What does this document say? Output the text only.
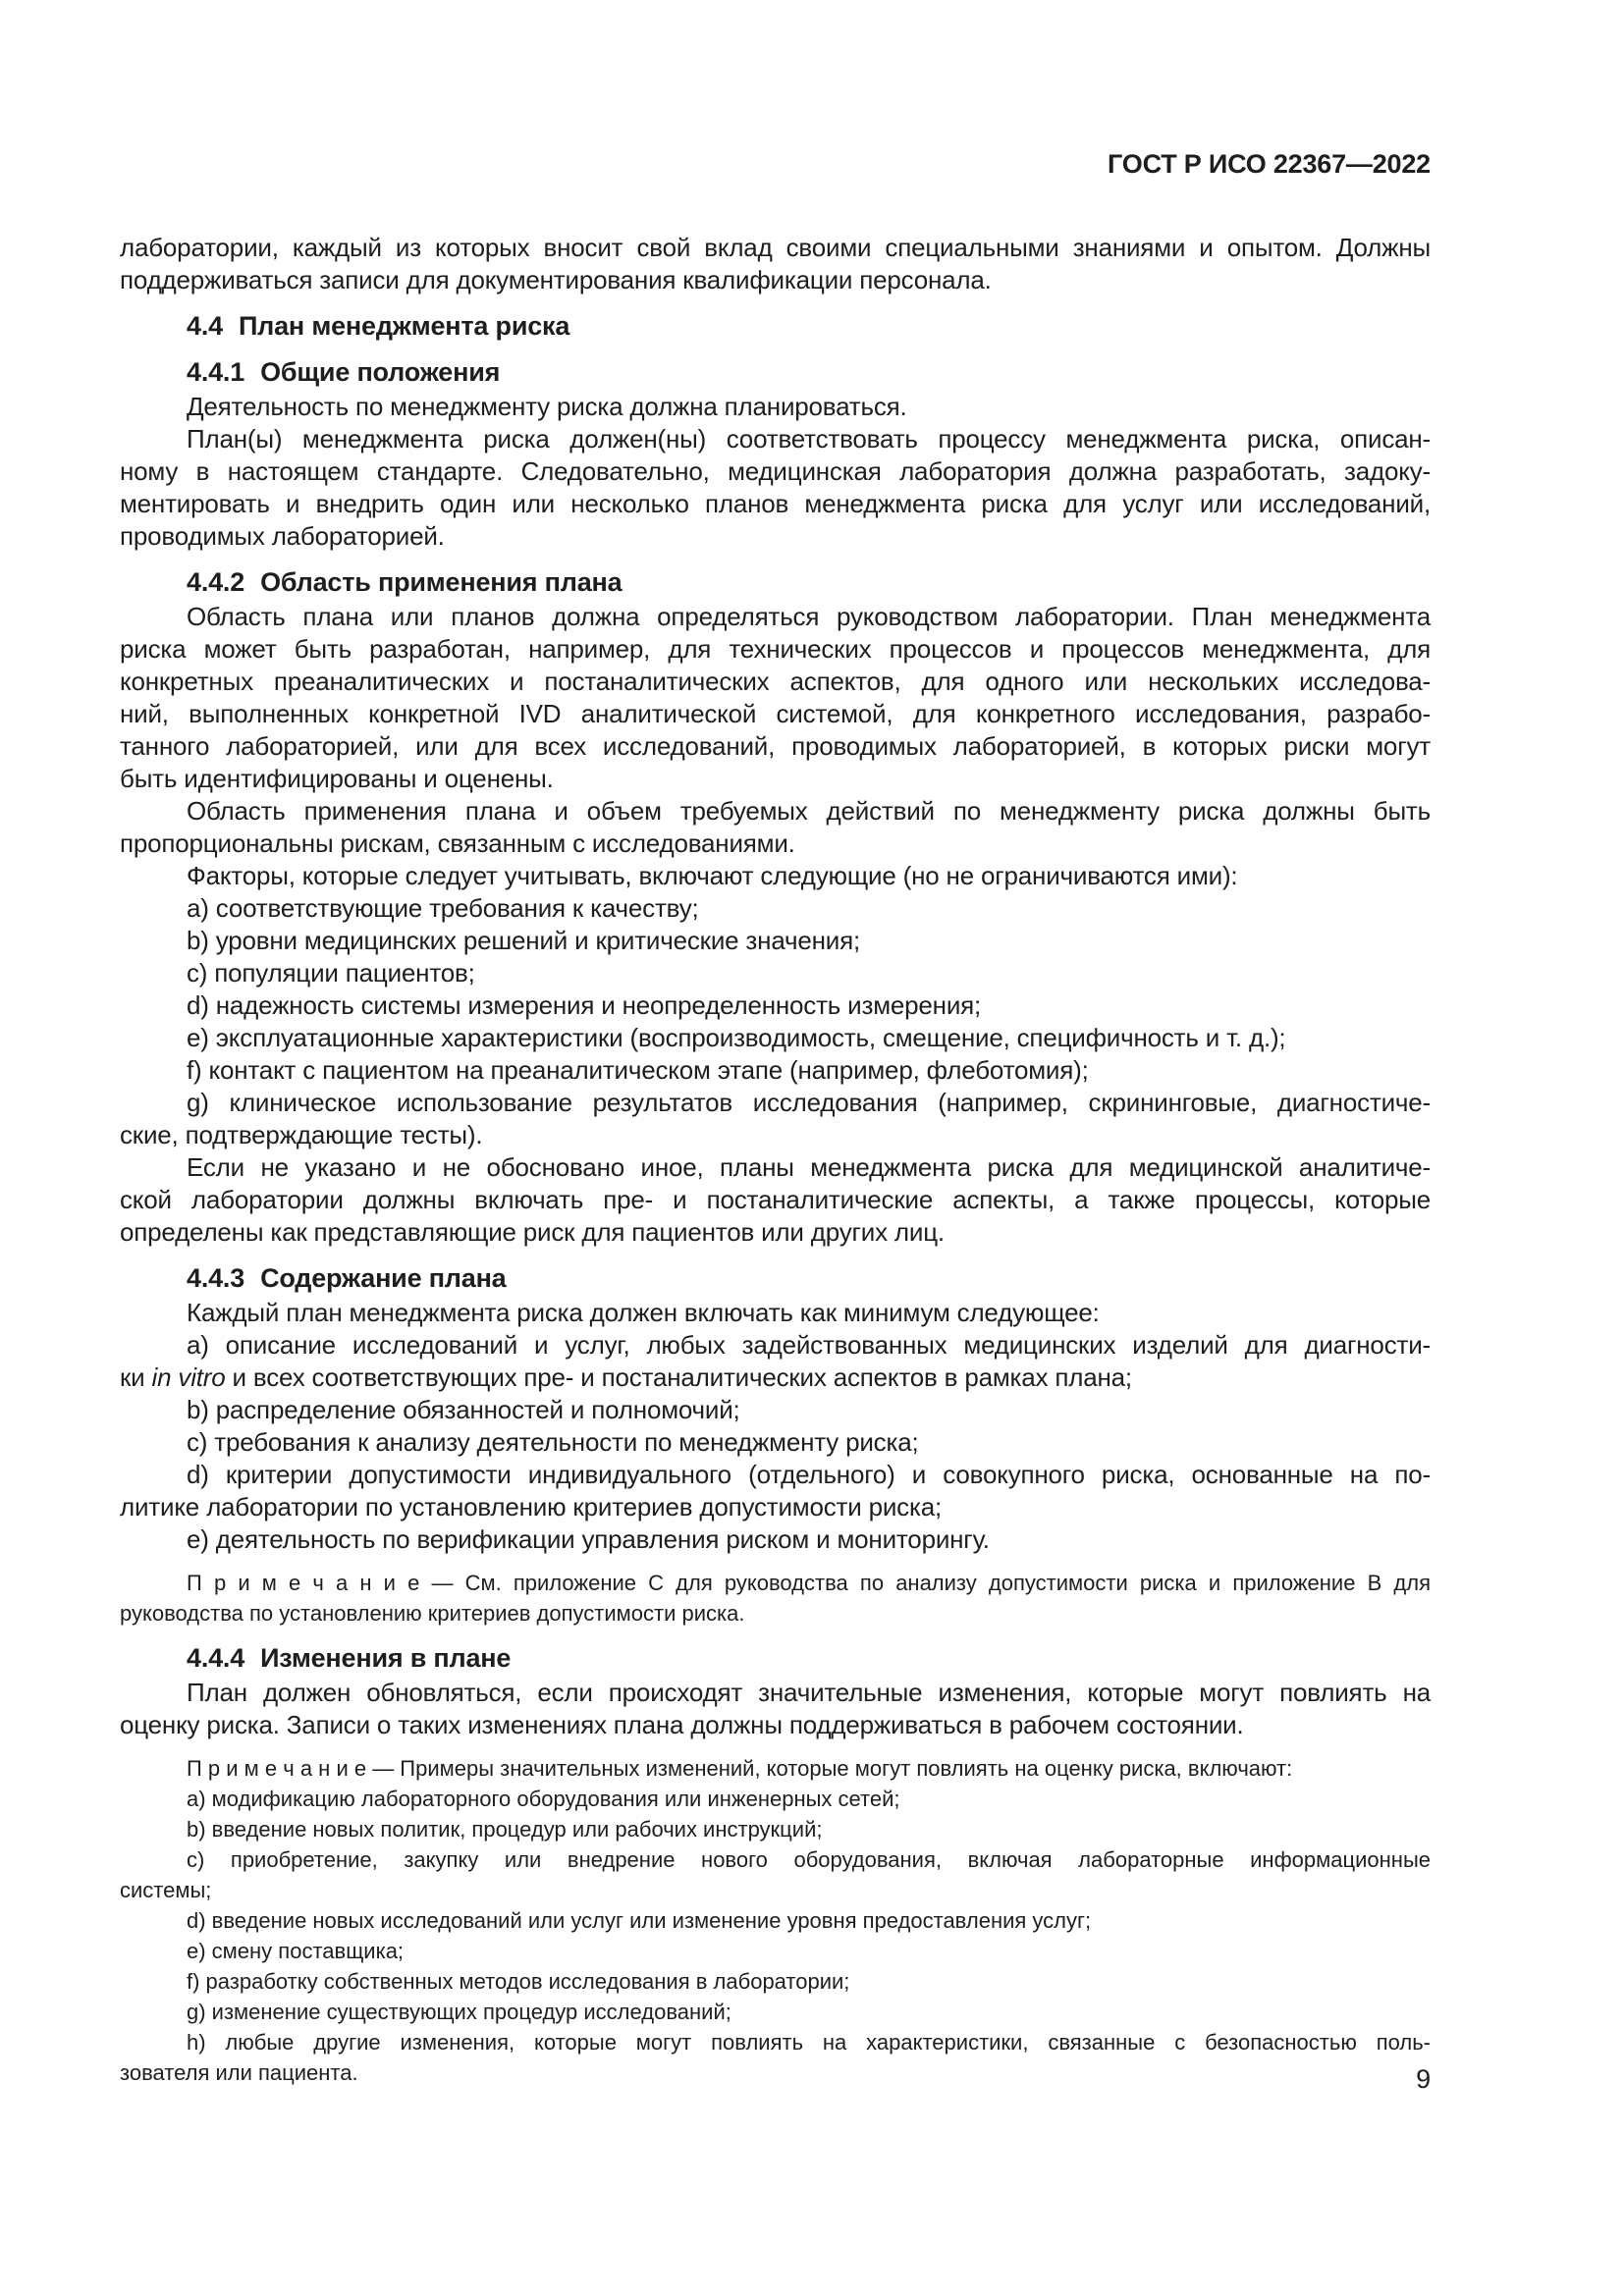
ГОСТ Р ИСО 22367—2022

лаборатории, каждый из которых вносит свой вклад своими специальными знаниями и опытом. Должны
поддерживаться записи для документирования квалификации персонала.

4.4 План менеджмента риска
4.4.1 Общие положения

Деятельность по менеджменту риска должна планироваться.

План(ы) менеджмента риска должен(ны) соответствовать процессу менеджмента риска, описан-
ному в настоящем стандарте. Следовательно, медицинская лаборатория должна разработать, задоку-
ментировать и внедрить один или несколько планов менеджмента риска для услуг или исследований,
проводимых лабораторией.

4.4.2 Область применения плана

Область плана или планов должна определяться руководством лаборатории. План менеджмента
риска может быть разработан, например, для технических процессов и процессов менеджмента, для
конкретных преаналитических и постаналитических аспектов, для одного или нескольких исследова-
ний, выполненных конкретной IVD аналитической системой, для конкретного исследования, разрабо-
танного лабораторией, или для всех исследований, проводимых лабораторией, в которых риски могут
быть идентифицированы и оценены.

Область применения плана и объем требуемых действий по менеджменту риска должны быть
пропорциональны рискам, связанным с исследованиями.

Факторы, которые следует учитывать, включают следующие (но не ограничиваются ими):

a) соответствующие требования к качеству;

b) уровни медицинских решений и критические значения;

c) популяции пациентов;

d) надежность системы измерения и неопределенность измерения;

e) эксплуатационные характеристики (воспроизводимость, смещение, специфичность и т. д.);

f) контакт с пациентом на преаналитическом этапе (например, флеботомия);

g) клиническое использование результатов исследования (например, скрининговые, диагностиче-
ские, подтверждающие тесты).

Если не указано и не обосновано иное, планы менеджмента риска для медицинской аналитиче-
ской лаборатории должны включать пре- и постаналитические аспекты, а также процессы, которые
определены как представляющие риск для пациентов или других лиц.

4.4.3 Содержание плана

Каждый план менеджмента риска должен включать как минимум следующее:

a) описание исследований и услуг, любых задействованных медицинских изделий для диагности-
ки in vitro и всех соответствующих пре- и постаналитических аспектов в рамках плана;

b) распределение обязанностей и полномочий;

c) требования к анализу деятельности по менеджменту риска;

d) критерии допустимости индивидуального (отдельного) и совокупного риска, основанные на по-
литике лаборатории по установлению критериев допустимости риска;

e) деятельность по верификации управления риском и мониторингу.

П р и м е ч а н и е — См. приложение C для руководства по анализу допустимости риска и приложение B для
руководства по установлению критериев допустимости риска.
4.4.4 Изменения в плане

План должен обновляться, если происходят значительные изменения, которые могут повлиять на
оценку риска. Записи о таких изменениях плана должны поддерживаться в рабочем состоянии.

П р и м е ч а н и е — Примеры значительных изменений, которые могут повлиять на оценку риска, включают:
a) модификацию лабораторного оборудования или инженерных сетей;
b) введение новых политик, процедур или рабочих инструкций;
c) приобретение, закупку или внедрение нового оборудования, включая лабораторные информационные
системы;
d) введение новых исследований или услуг или изменение уровня предоставления услуг;
e) смену поставщика;
f) разработку собственных методов исследования в лаборатории;
g) изменение существующих процедур исследований;
h) любые другие изменения, которые могут повлиять на характеристики, связанные с безопасностью поль-
зователя или пациента.	9
